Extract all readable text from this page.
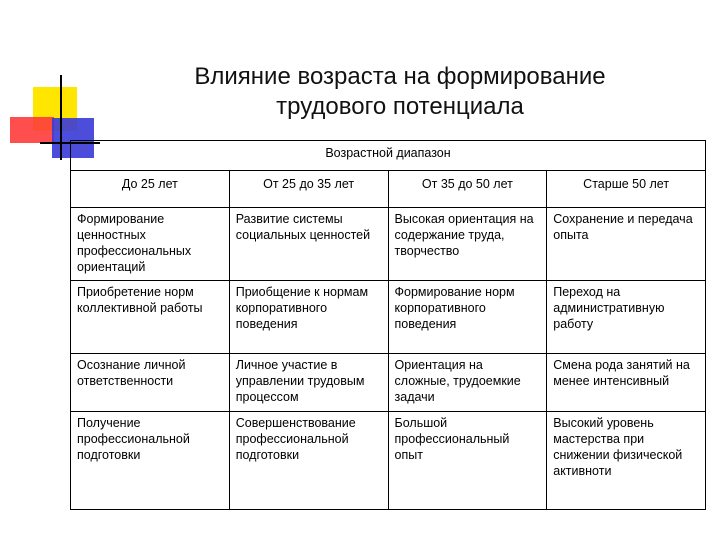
Влияние возраста на формирование
трудового потенциала
Возрастной диапазон			
До 25 лет	От 25 до 35 лет	От 35 до 50 лет	Старше 50 лет
Формирование ценностных профессиональных ориентаций	Развитие системы социальных ценностей	Высокая ориентация на содержание труда, творчество	Сохранение и передача опыта
Приобретение норм коллективной работы	Приобщение к нормам корпоративного поведения	Формирование норм корпоративного поведения	Переход на административную работу
Осознание личной ответственности	Личное участие в управлении трудовым процессом	Ориентация на сложные, трудоемкие задачи	Смена рода занятий на менее интенсивный
Получение профессиональной подготовки	Совершенствование профессиональной подготовки	Большой профессиональный опыт	Высокий уровень мастерства при снижении физической активноти
